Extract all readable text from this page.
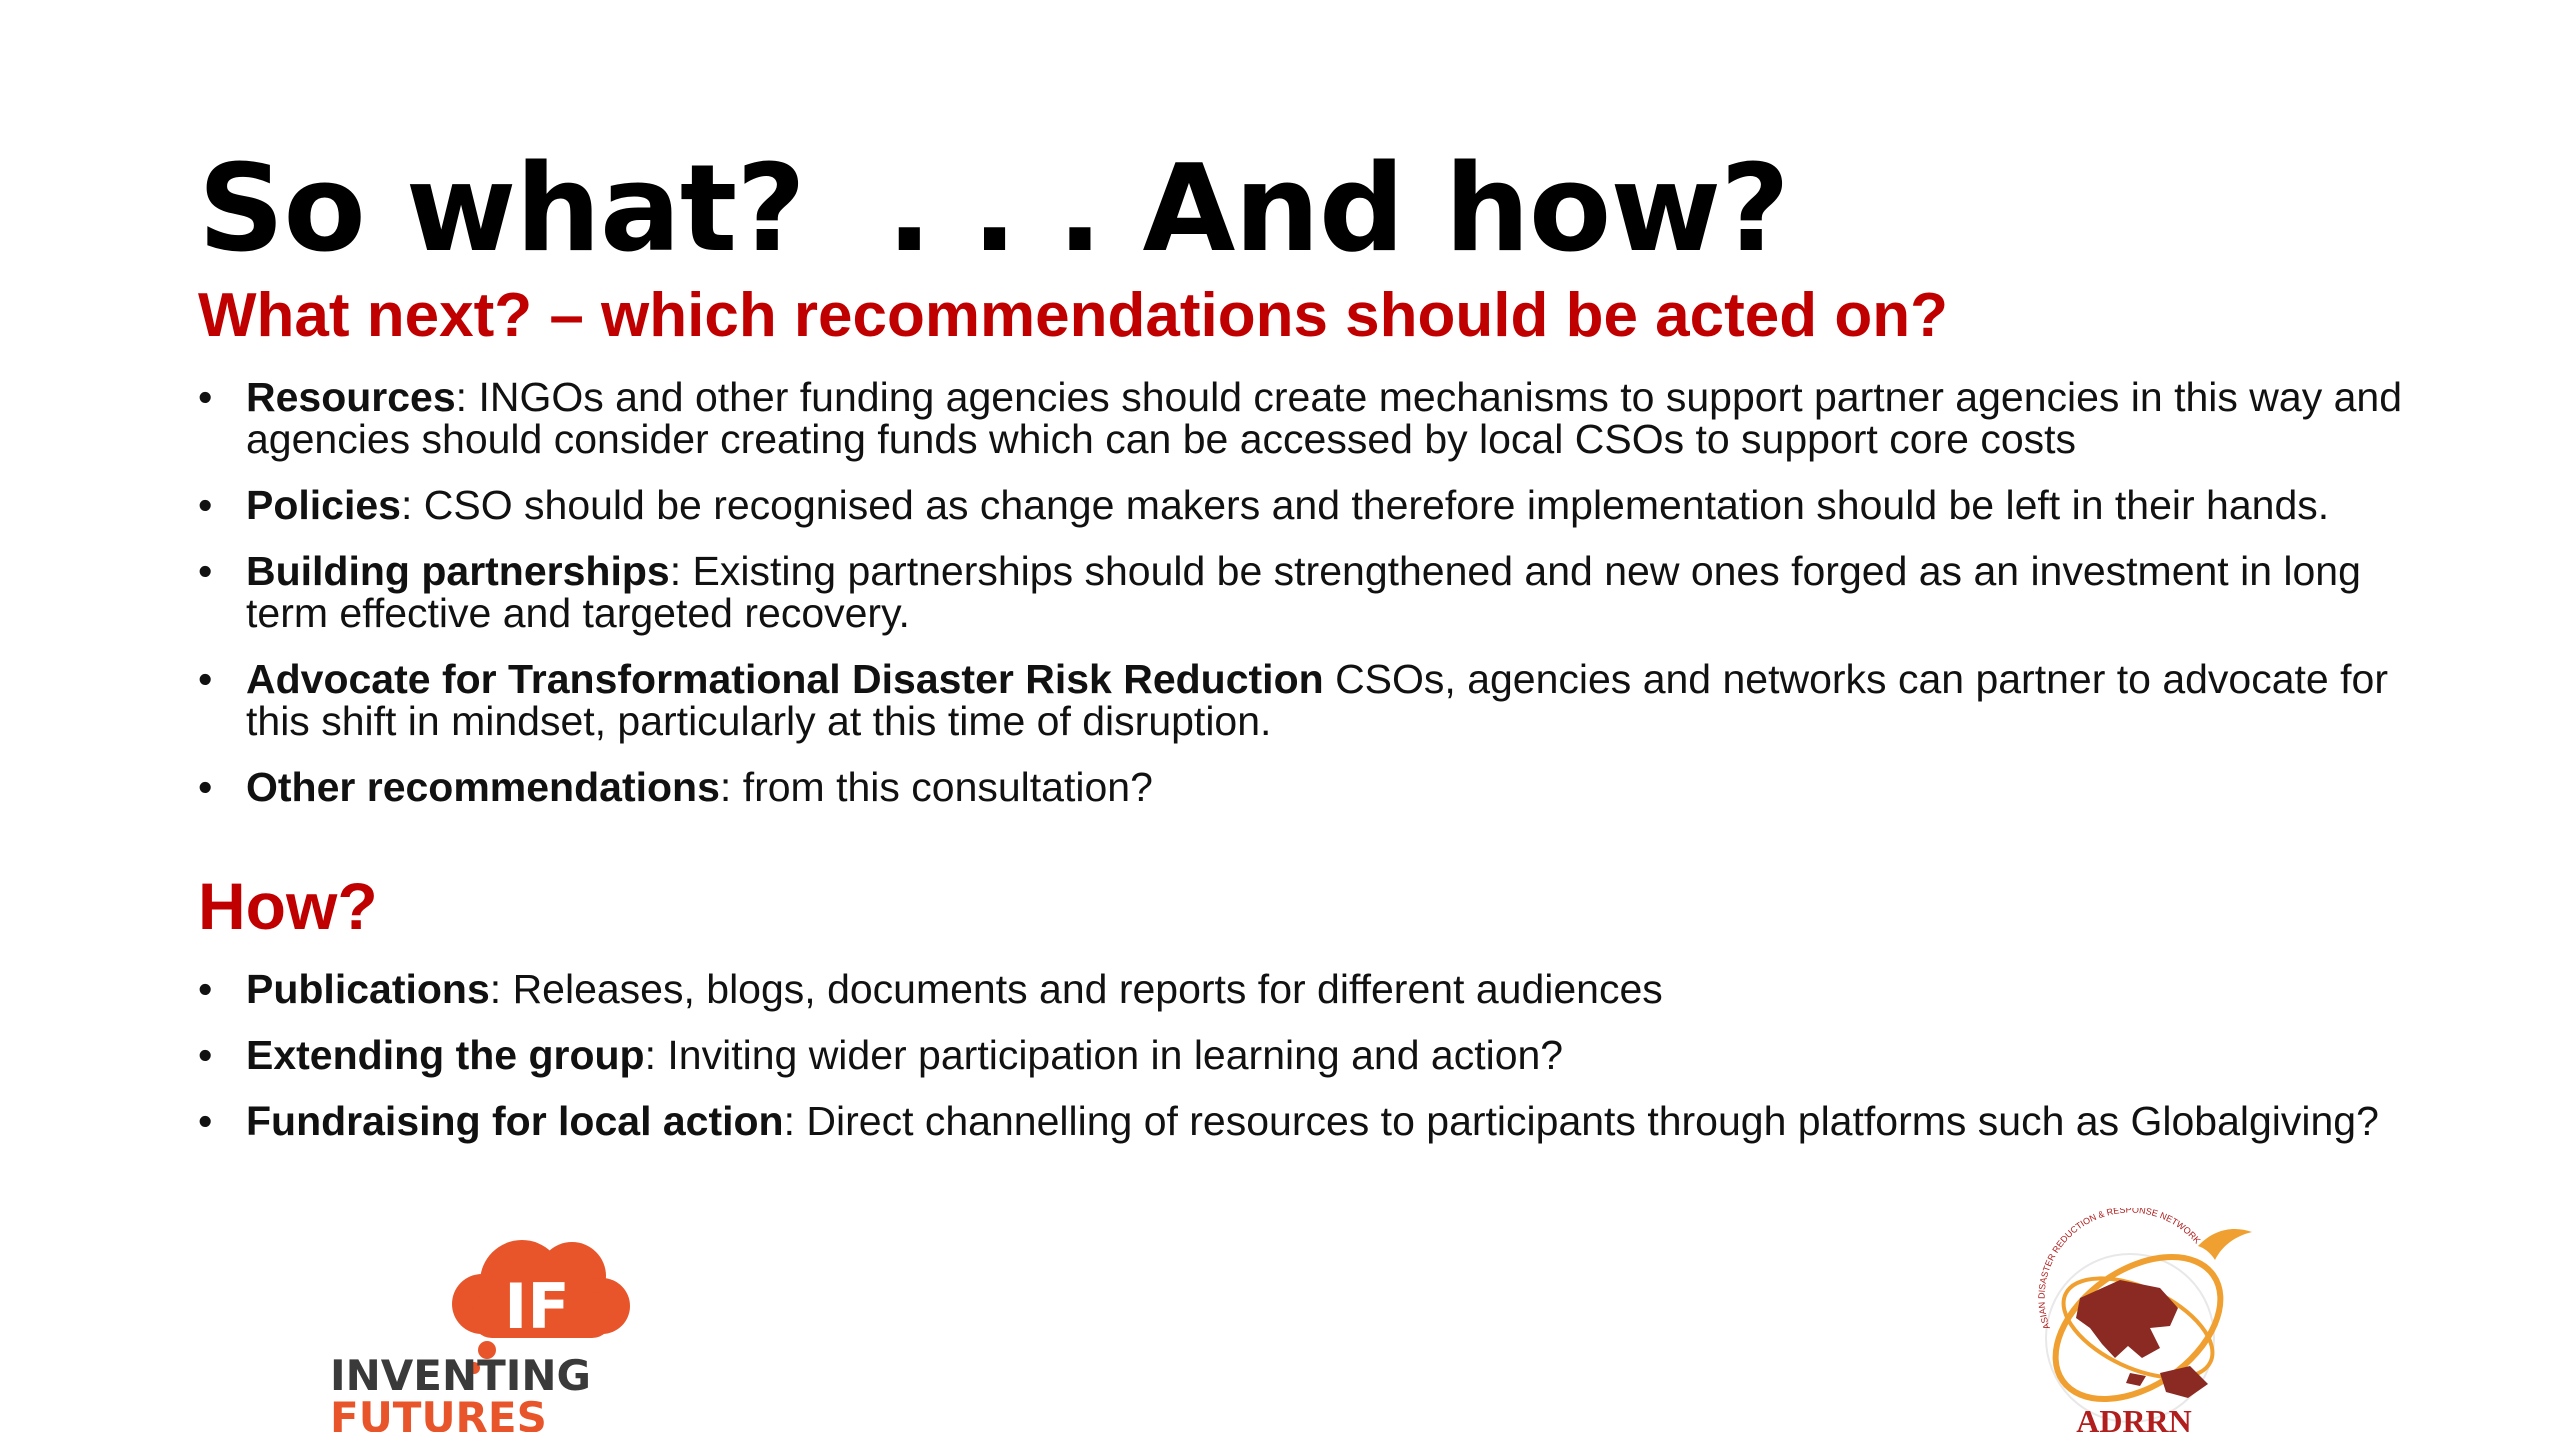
So what?  . . . And how?
What next? – which recommendations should be acted on?
• Resources: INGOs and other funding agencies should create mechanisms to support partner agencies in this way and agencies should consider creating funds which can be accessed by local CSOs to support core costs
• Policies: CSO should be recognised as change makers and therefore implementation should be left in their hands.
• Building partnerships: Existing partnerships should be strengthened and new ones forged as an investment in long term effective and targeted recovery.
• Advocate for Transformational Disaster Risk Reduction CSOs, agencies and networks can partner to advocate for this shift in mindset, particularly at this time of disruption.
• Other recommendations: from this consultation?
How?
• Publications: Releases, blogs, documents and reports for different audiences
• Extending the group: Inviting wider participation in learning and action?
• Fundraising for local action: Direct channelling of resources to participants through platforms such as Globalgiving?
IF
INVENTING
FUTURES
ASIAN DISASTER REDUCTION & RESPONSE NETWORK
ADRRN
